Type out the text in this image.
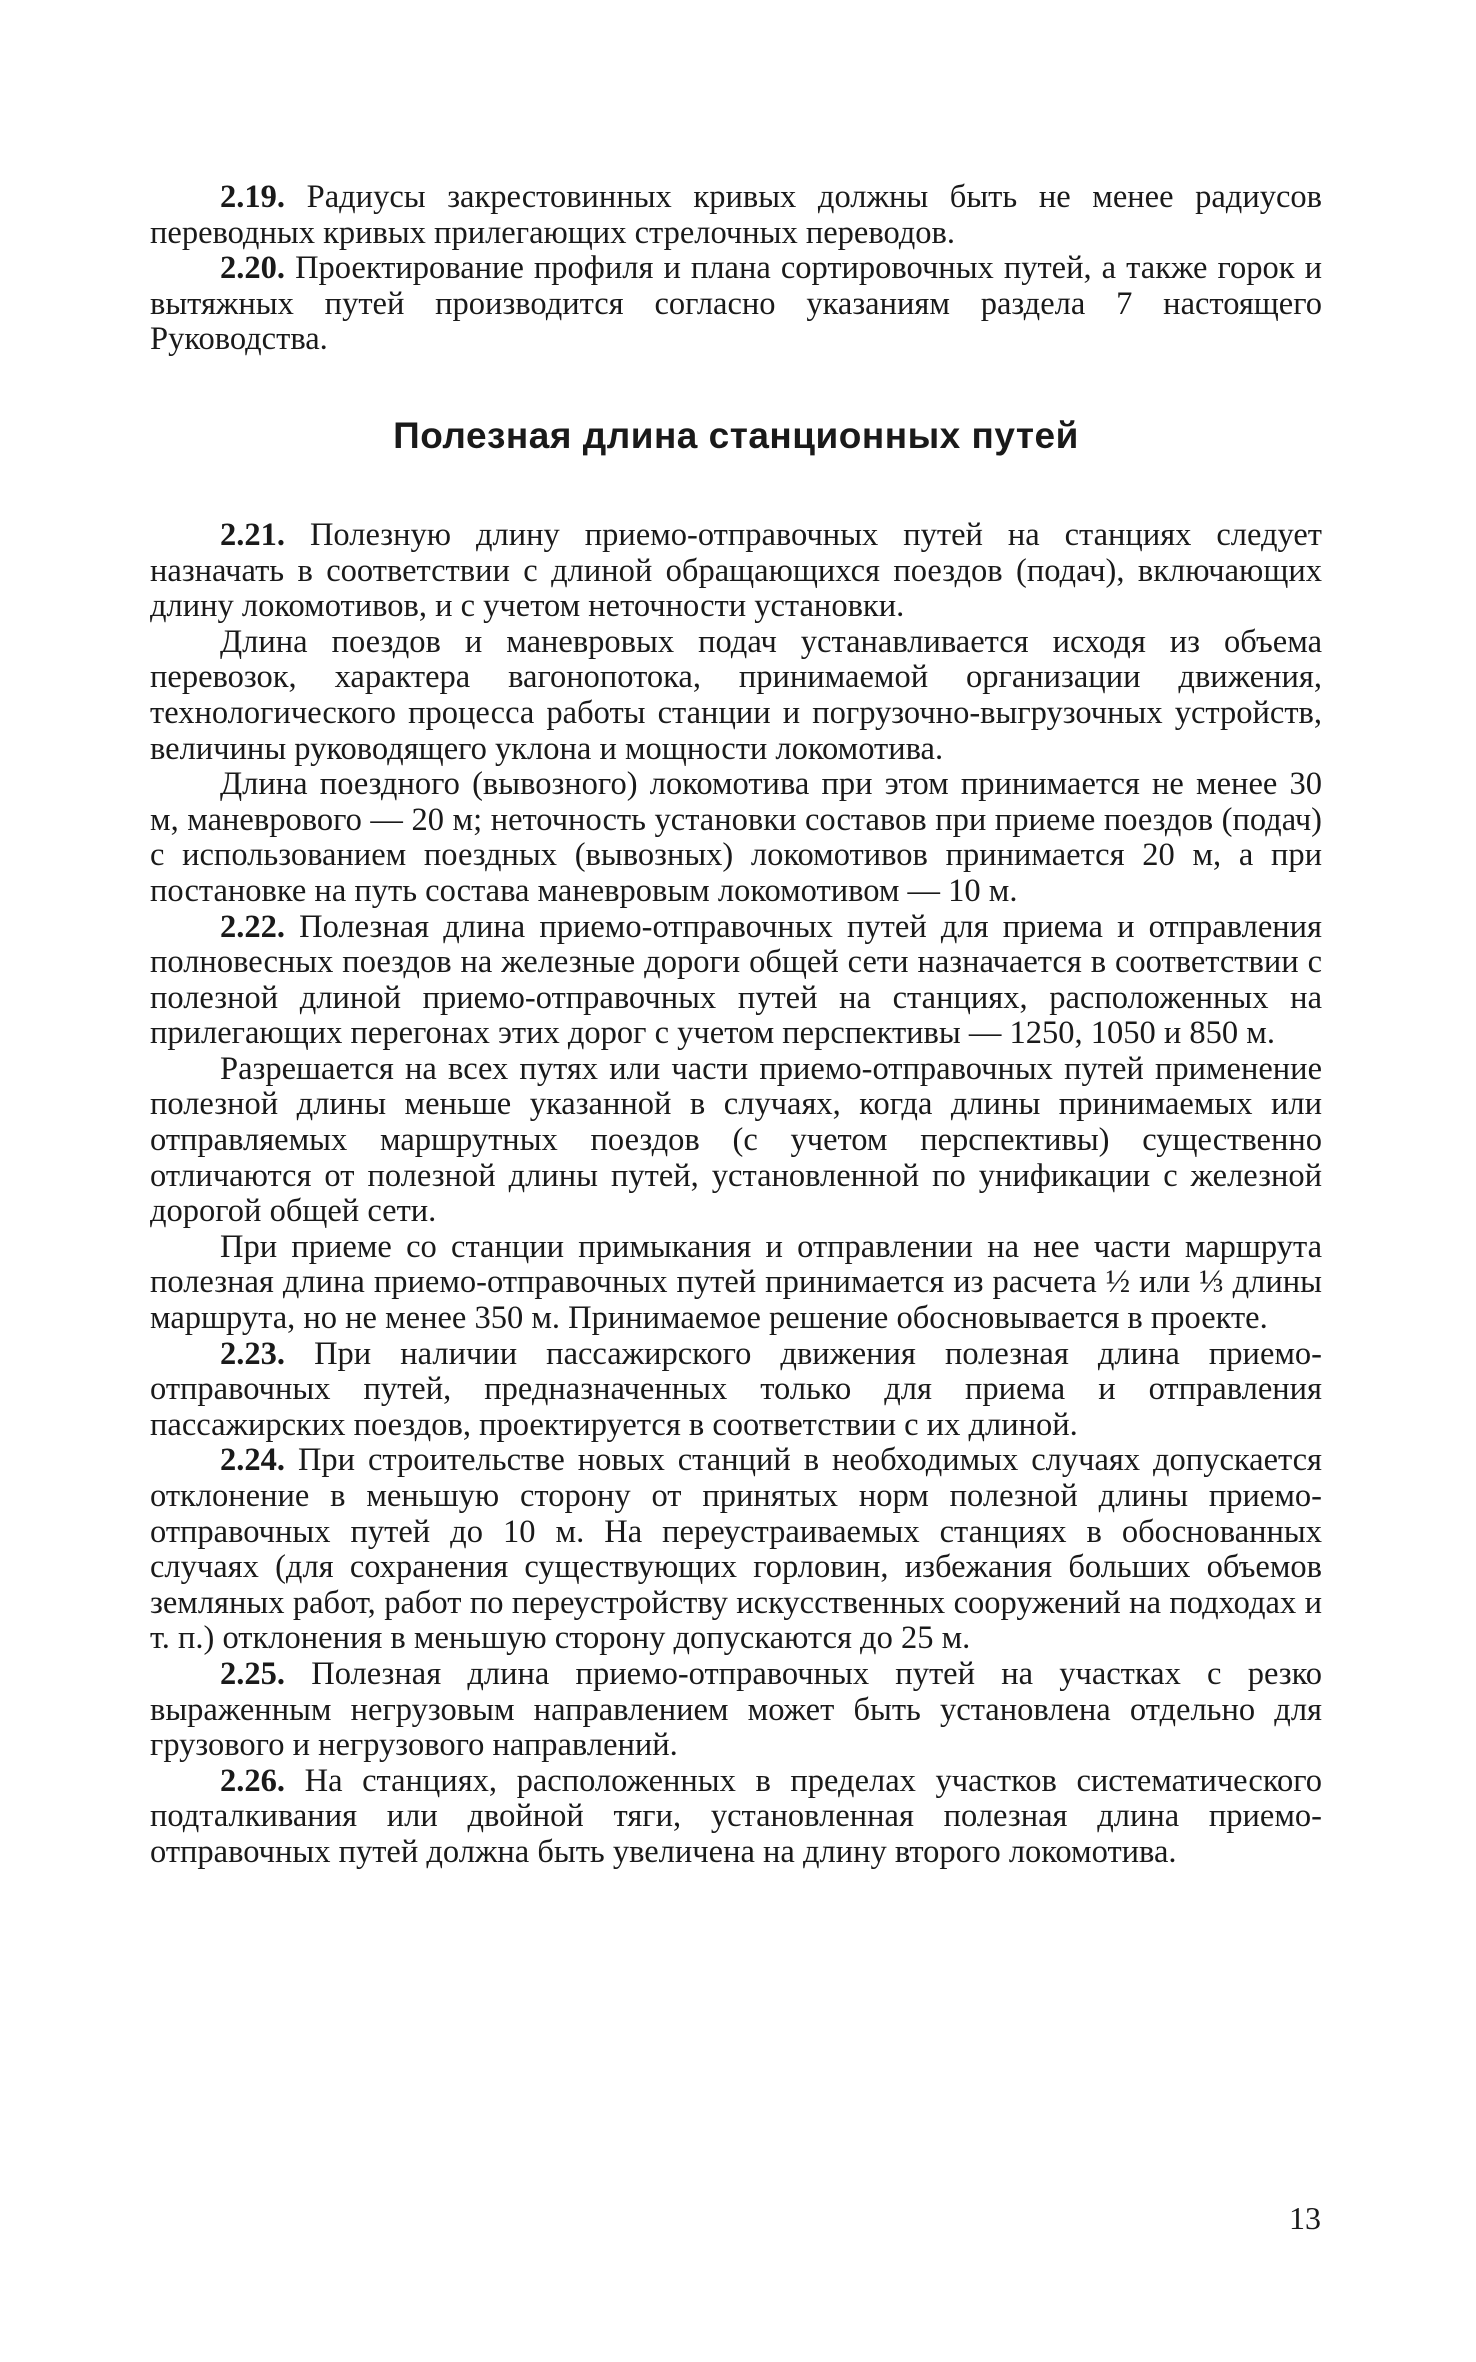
2.19. Радиусы закрестовинных кривых должны быть не менее радиусов переводных кривых прилегающих стрелочных переводов.

2.20. Проектирование профиля и плана сортировочных путей, а также горок и вытяжных путей производится согласно указаниям раздела 7 настоящего Руководства.

Полезная длина станционных путей

2.21. Полезную длину приемо-отправочных путей на станциях следует назначать в соответствии с длиной обращающихся поездов (подач), включающих длину локомотивов, и с учетом неточности установки.

Длина поездов и маневровых подач устанавливается исходя из объема перевозок, характера вагонопотока, принимаемой организации движения, технологического процесса работы станции и погрузочно-выгрузочных устройств, величины руководящего уклона и мощности локомотива.

Длина поездного (вывозного) локомотива при этом принимается не менее 30 м, маневрового — 20 м; неточность установки составов при приеме поездов (подач) с использованием поездных (вывозных) локомотивов принимается 20 м, а при постановке на путь состава маневровым локомотивом — 10 м.

2.22. Полезная длина приемо-отправочных путей для приема и отправления полновесных поездов на железные дороги общей сети назначается в соответствии с полезной длиной приемо-отправочных путей на станциях, расположенных на прилегающих перегонах этих дорог с учетом перспективы — 1250, 1050 и 850 м.

Разрешается на всех путях или части приемо-отправочных путей применение полезной длины меньше указанной в случаях, когда длины принимаемых или отправляемых маршрутных поездов (с учетом перспективы) существенно отличаются от полезной длины путей, установленной по унификации с железной дорогой общей сети.

При приеме со станции примыкания и отправлении на нее части маршрута полезная длина приемо-отправочных путей принимается из расчета ½ или ⅓ длины маршрута, но не менее 350 м. Принимаемое решение обосновывается в проекте.

2.23. При наличии пассажирского движения полезная длина приемо-отправочных путей, предназначенных только для приема и отправления пассажирских поездов, проектируется в соответствии с их длиной.

2.24. При строительстве новых станций в необходимых случаях допускается отклонение в меньшую сторону от принятых норм полезной длины приемо-отправочных путей до 10 м. На переустраиваемых станциях в обоснованных случаях (для сохранения существующих горловин, избежания больших объемов земляных работ, работ по переустройству искусственных сооружений на подходах и т. п.) отклонения в меньшую сторону допускаются до 25 м.

2.25. Полезная длина приемо-отправочных путей на участках с резко выраженным негрузовым направлением может быть установлена отдельно для грузового и негрузового направлений.

2.26. На станциях, расположенных в пределах участков систематического подталкивания или двойной тяги, установленная полезная длина приемо-отправочных путей должна быть увеличена на длину второго локомотива.

13
